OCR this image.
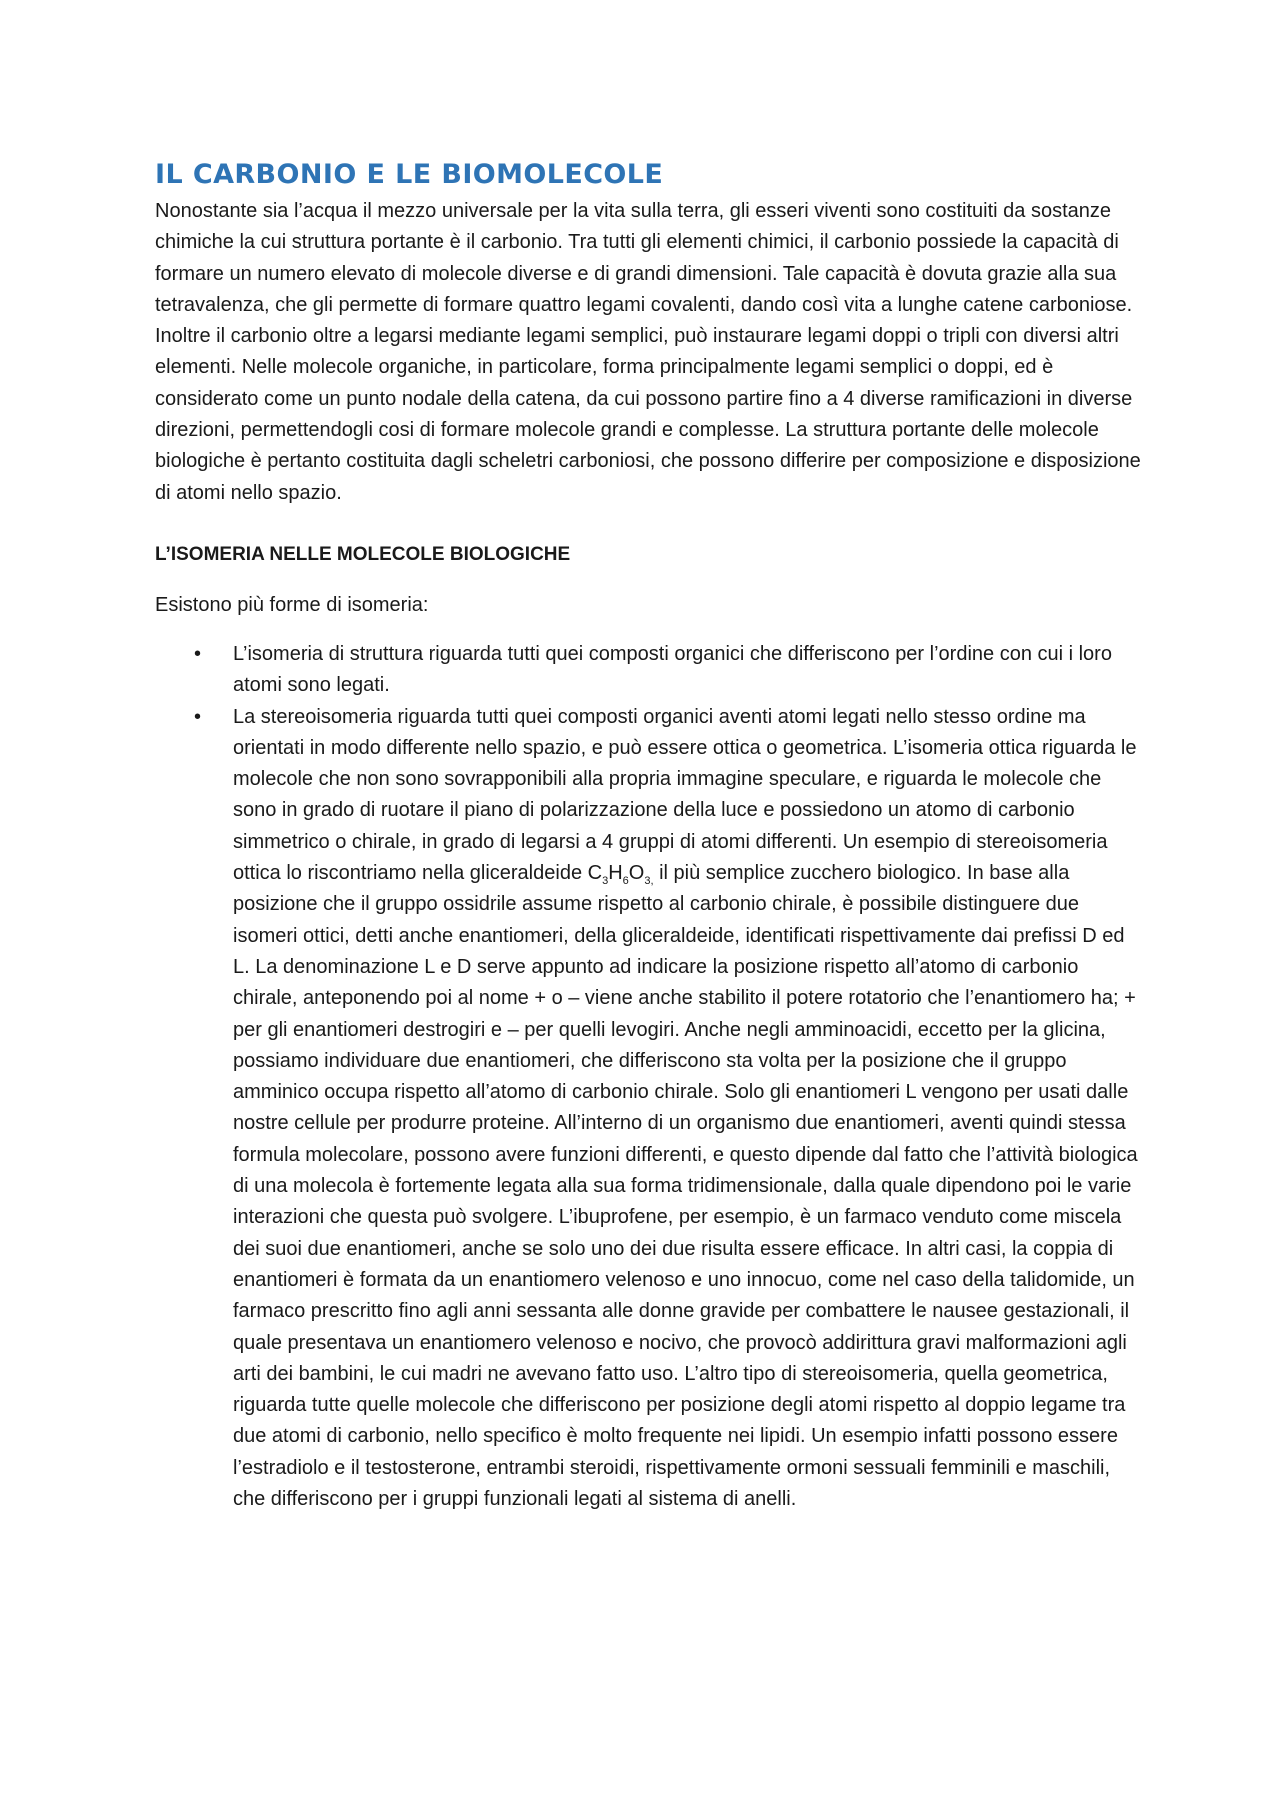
IL CARBONIO E LE BIOMOLECOLE

Nonostante sia l’acqua il mezzo universale per la vita sulla terra, gli esseri viventi sono costituiti da sostanze chimiche la cui struttura portante è il carbonio. Tra tutti gli elementi chimici, il carbonio possiede la capacità di formare un numero elevato di molecole diverse e di grandi dimensioni. Tale capacità è dovuta grazie alla sua tetravalenza, che gli permette di formare quattro legami covalenti, dando così vita a lunghe catene carboniose. Inoltre il carbonio oltre a legarsi mediante legami semplici, può instaurare legami doppi o tripli con diversi altri elementi. Nelle molecole organiche, in particolare, forma principalmente legami semplici o doppi, ed è considerato come un punto nodale della catena, da cui possono partire fino a 4 diverse ramificazioni in diverse direzioni, permettendogli cosi di formare molecole grandi e complesse. La struttura portante delle molecole biologiche è pertanto costituita dagli scheletri carboniosi, che possono differire per composizione e disposizione di atomi nello spazio.

L’ISOMERIA NELLE MOLECOLE BIOLOGICHE

Esistono più forme di isomeria:

• L’isomeria di struttura riguarda tutti quei composti organici che differiscono per l’ordine con cui i loro atomi sono legati.
• La stereoisomeria riguarda tutti quei composti organici aventi atomi legati nello stesso ordine ma orientati in modo differente nello spazio, e può essere ottica o geometrica. L’isomeria ottica riguarda le molecole che non sono sovrapponibili alla propria immagine speculare, e riguarda le molecole che sono in grado di ruotare il piano di polarizzazione della luce e possiedono un atomo di carbonio simmetrico o chirale, in grado di legarsi a 4 gruppi di atomi differenti. Un esempio di stereoisomeria ottica lo riscontriamo nella gliceraldeide $C_3H_6O_{3,}$ il più semplice zucchero biologico. In base alla posizione che il gruppo ossidrile assume rispetto al carbonio chirale, è possibile distinguere due isomeri ottici, detti anche enantiomeri, della gliceraldeide, identificati rispettivamente dai prefissi D ed L. La denominazione L e D serve appunto ad indicare la posizione rispetto all’atomo di carbonio chirale, anteponendo poi al nome + o – viene anche stabilito il potere rotatorio che l’enantiomero ha; + per gli enantiomeri destrogiri e – per quelli levogiri. Anche negli amminoacidi, eccetto per la glicina, possiamo individuare due enantiomeri, che differiscono sta volta per la posizione che il gruppo amminico occupa rispetto all’atomo di carbonio chirale. Solo gli enantiomeri L vengono per usati dalle nostre cellule per produrre proteine. All’interno di un organismo due enantiomeri, aventi quindi stessa formula molecolare, possono avere funzioni differenti, e questo dipende dal fatto che l’attività biologica di una molecola è fortemente legata alla sua forma tridimensionale, dalla quale dipendono poi le varie interazioni che questa può svolgere. L’ibuprofene, per esempio, è un farmaco venduto come miscela dei suoi due enantiomeri, anche se solo uno dei due risulta essere efficace. In altri casi, la coppia di enantiomeri è formata da un enantiomero velenoso e uno innocuo, come nel caso della talidomide, un farmaco prescritto fino agli anni sessanta alle donne gravide per combattere le nausee gestazionali, il quale presentava un enantiomero velenoso e nocivo, che provocò addirittura gravi malformazioni agli arti dei bambini, le cui madri ne avevano fatto uso. L’altro tipo di stereoisomeria, quella geometrica, riguarda tutte quelle molecole che differiscono per posizione degli atomi rispetto al doppio legame tra due atomi di carbonio, nello specifico è molto frequente nei lipidi. Un esempio infatti possono essere l’estradiolo e il testosterone, entrambi steroidi, rispettivamente ormoni sessuali femminili e maschili, che differiscono per i gruppi funzionali legati al sistema di anelli.
